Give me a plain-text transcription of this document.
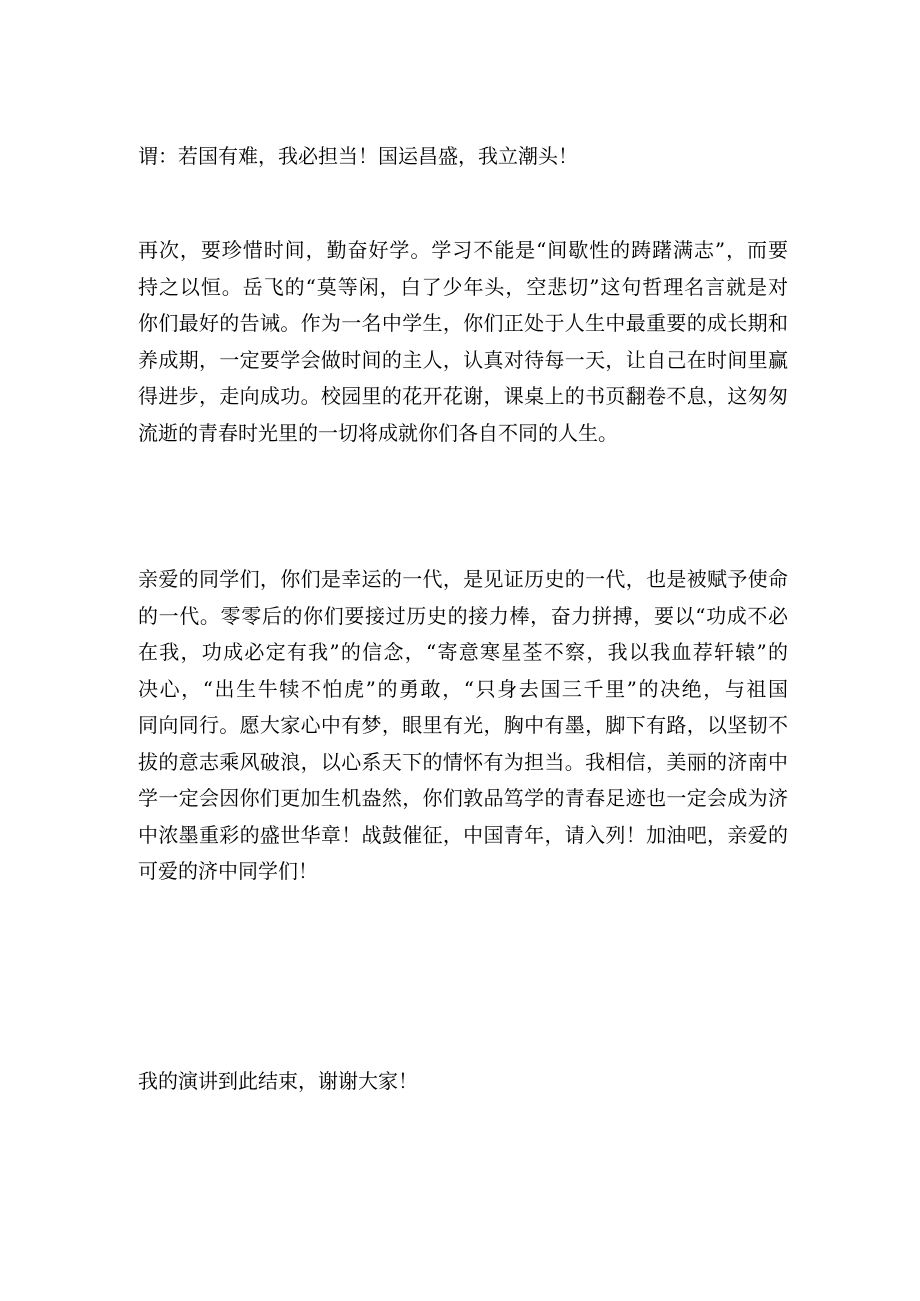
谓：若国有难，我必担当！国运昌盛，我立潮头！

再次，要珍惜时间，勤奋好学。学习不能是“间歇性的踌躇满志”，而要
持之以恒。岳飞的“莫等闲，白了少年头，空悲切”这句哲理名言就是对
你们最好的告诫。作为一名中学生，你们正处于人生中最重要的成长期和
养成期，一定要学会做时间的主人，认真对待每一天，让自己在时间里赢
得进步，走向成功。校园里的花开花谢，课桌上的书页翻卷不息，这匆匆
流逝的青春时光里的一切将成就你们各自不同的人生。

亲爱的同学们，你们是幸运的一代，是见证历史的一代，也是被赋予使命
的一代。零零后的你们要接过历史的接力棒，奋力拼搏，要以“功成不必
在我，功成必定有我”的信念，“寄意寒星荃不察，我以我血荐轩辕”的
决心，“出生牛犊不怕虎”的勇敢，“只身去国三千里”的决绝，与祖国
同向同行。愿大家心中有梦，眼里有光，胸中有墨，脚下有路，以坚韧不
拔的意志乘风破浪，以心系天下的情怀有为担当。我相信，美丽的济南中
学一定会因你们更加生机盎然，你们敦品笃学的青春足迹也一定会成为济
中浓墨重彩的盛世华章！战鼓催征，中国青年，请入列！加油吧，亲爱的
可爱的济中同学们！

我的演讲到此结束，谢谢大家！
